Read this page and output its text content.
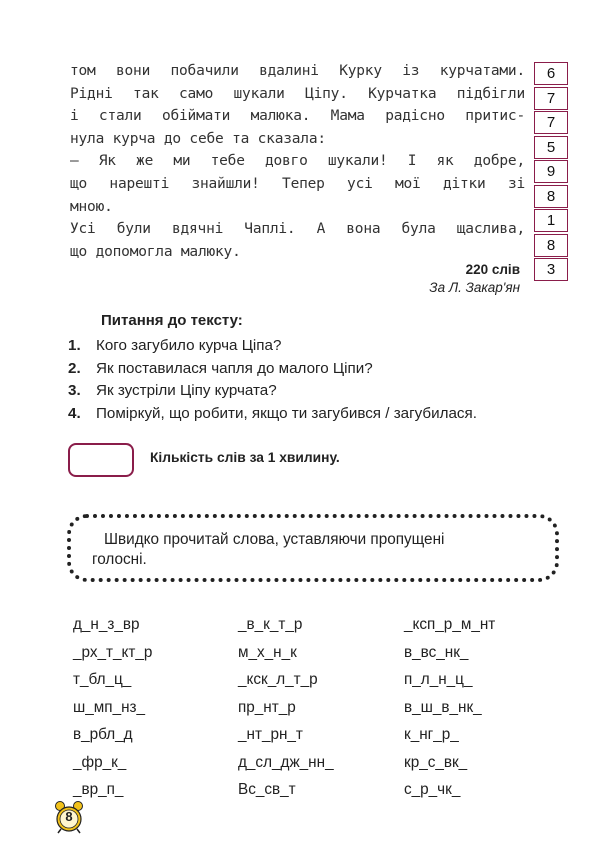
том вони побачили вдалині Курку із курчатами.
Рідні так само шукали Ціпу. Курчатка підбігли
і стали обіймати малюка. Мама радісно притис-
нула курча до себе та сказала:
— Як же ми тебе довго шукали! І як добре,
що нарешті знайшли! Тепер усі мої дітки зі
мною.
Усі були вдячні Чаплі. А вона була щаслива,
що допомогла малюку.
6
7
7
5
9
8
1
8
3
220 слів
За Л. Закар'ян
Питання до тексту:
1. Кого загубило курча Ціпа?
2. Як поставилася чапля до малого Ціпи?
3. Як зустріли Ціпу курчата?
4. Поміркуй, що робити, якщо ти загубився / загубилася.
Кількість слів за 1 хвилину.
Швидко прочитай слова, уставляючи пропущені
голосні.
д_н_з_вр
_рх_т_кт_р
т_бл_ц_
ш_мп_нз_
в_рбл_д
_фр_к_
_вр_п_
_в_к_т_р
м_х_н_к
_кск_л_т_р
пр_нт_р
_нт_рн_т
д_сл_дж_нн_
Вс_св_т
_ксп_р_м_нт
в_вс_нк_
п_л_н_ц_
в_ш_в_нк_
к_нг_р_
кр_с_вк_
с_р_чк_
8
